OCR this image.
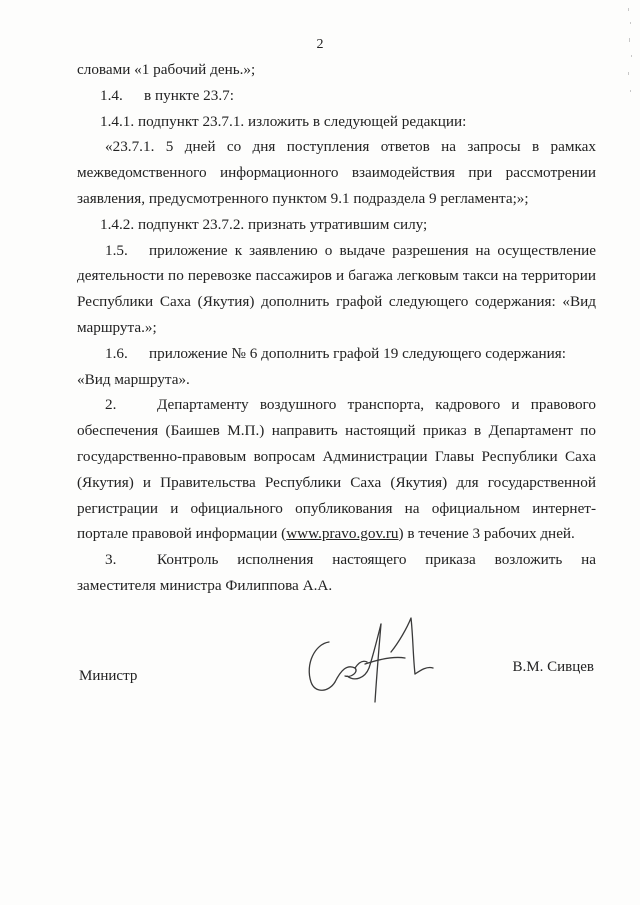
2

словами «1 рабочий день.»;

1.4. в пункте 23.7:

1.4.1. подпункт 23.7.1. изложить в следующей редакции:

«23.7.1. 5 дней со дня поступления ответов на запросы в рамках межведомственного информационного взаимодействия при рассмотрении заявления, предусмотренного пунктом 9.1 подраздела 9 регламента;»;

1.4.2. подпункт 23.7.2. признать утратившим силу;

1.5. приложение к заявлению о выдаче разрешения на осуществление деятельности по перевозке пассажиров и багажа легковым такси на территории Республики Саха (Якутия) дополнить графой следующего содержания: «Вид маршрута.»;

1.6. приложение № 6 дополнить графой 19 следующего содержания:

«Вид маршрута».

2.	Департаменту воздушного транспорта, кадрового и правового обеспечения (Баишев М.П.) направить настоящий приказ в Департамент по государственно-правовым вопросам Администрации Главы Республики Саха (Якутия) и Правительства Республики Саха (Якутия) для государственной регистрации и официального опубликования на официальном интернет-портале правовой информации (www.pravo.gov.ru) в течение 3 рабочих дней.

3.	Контроль исполнения настоящего приказа возложить на заместителя министра Филиппова А.А.

Министр
В.М. Сивцев
